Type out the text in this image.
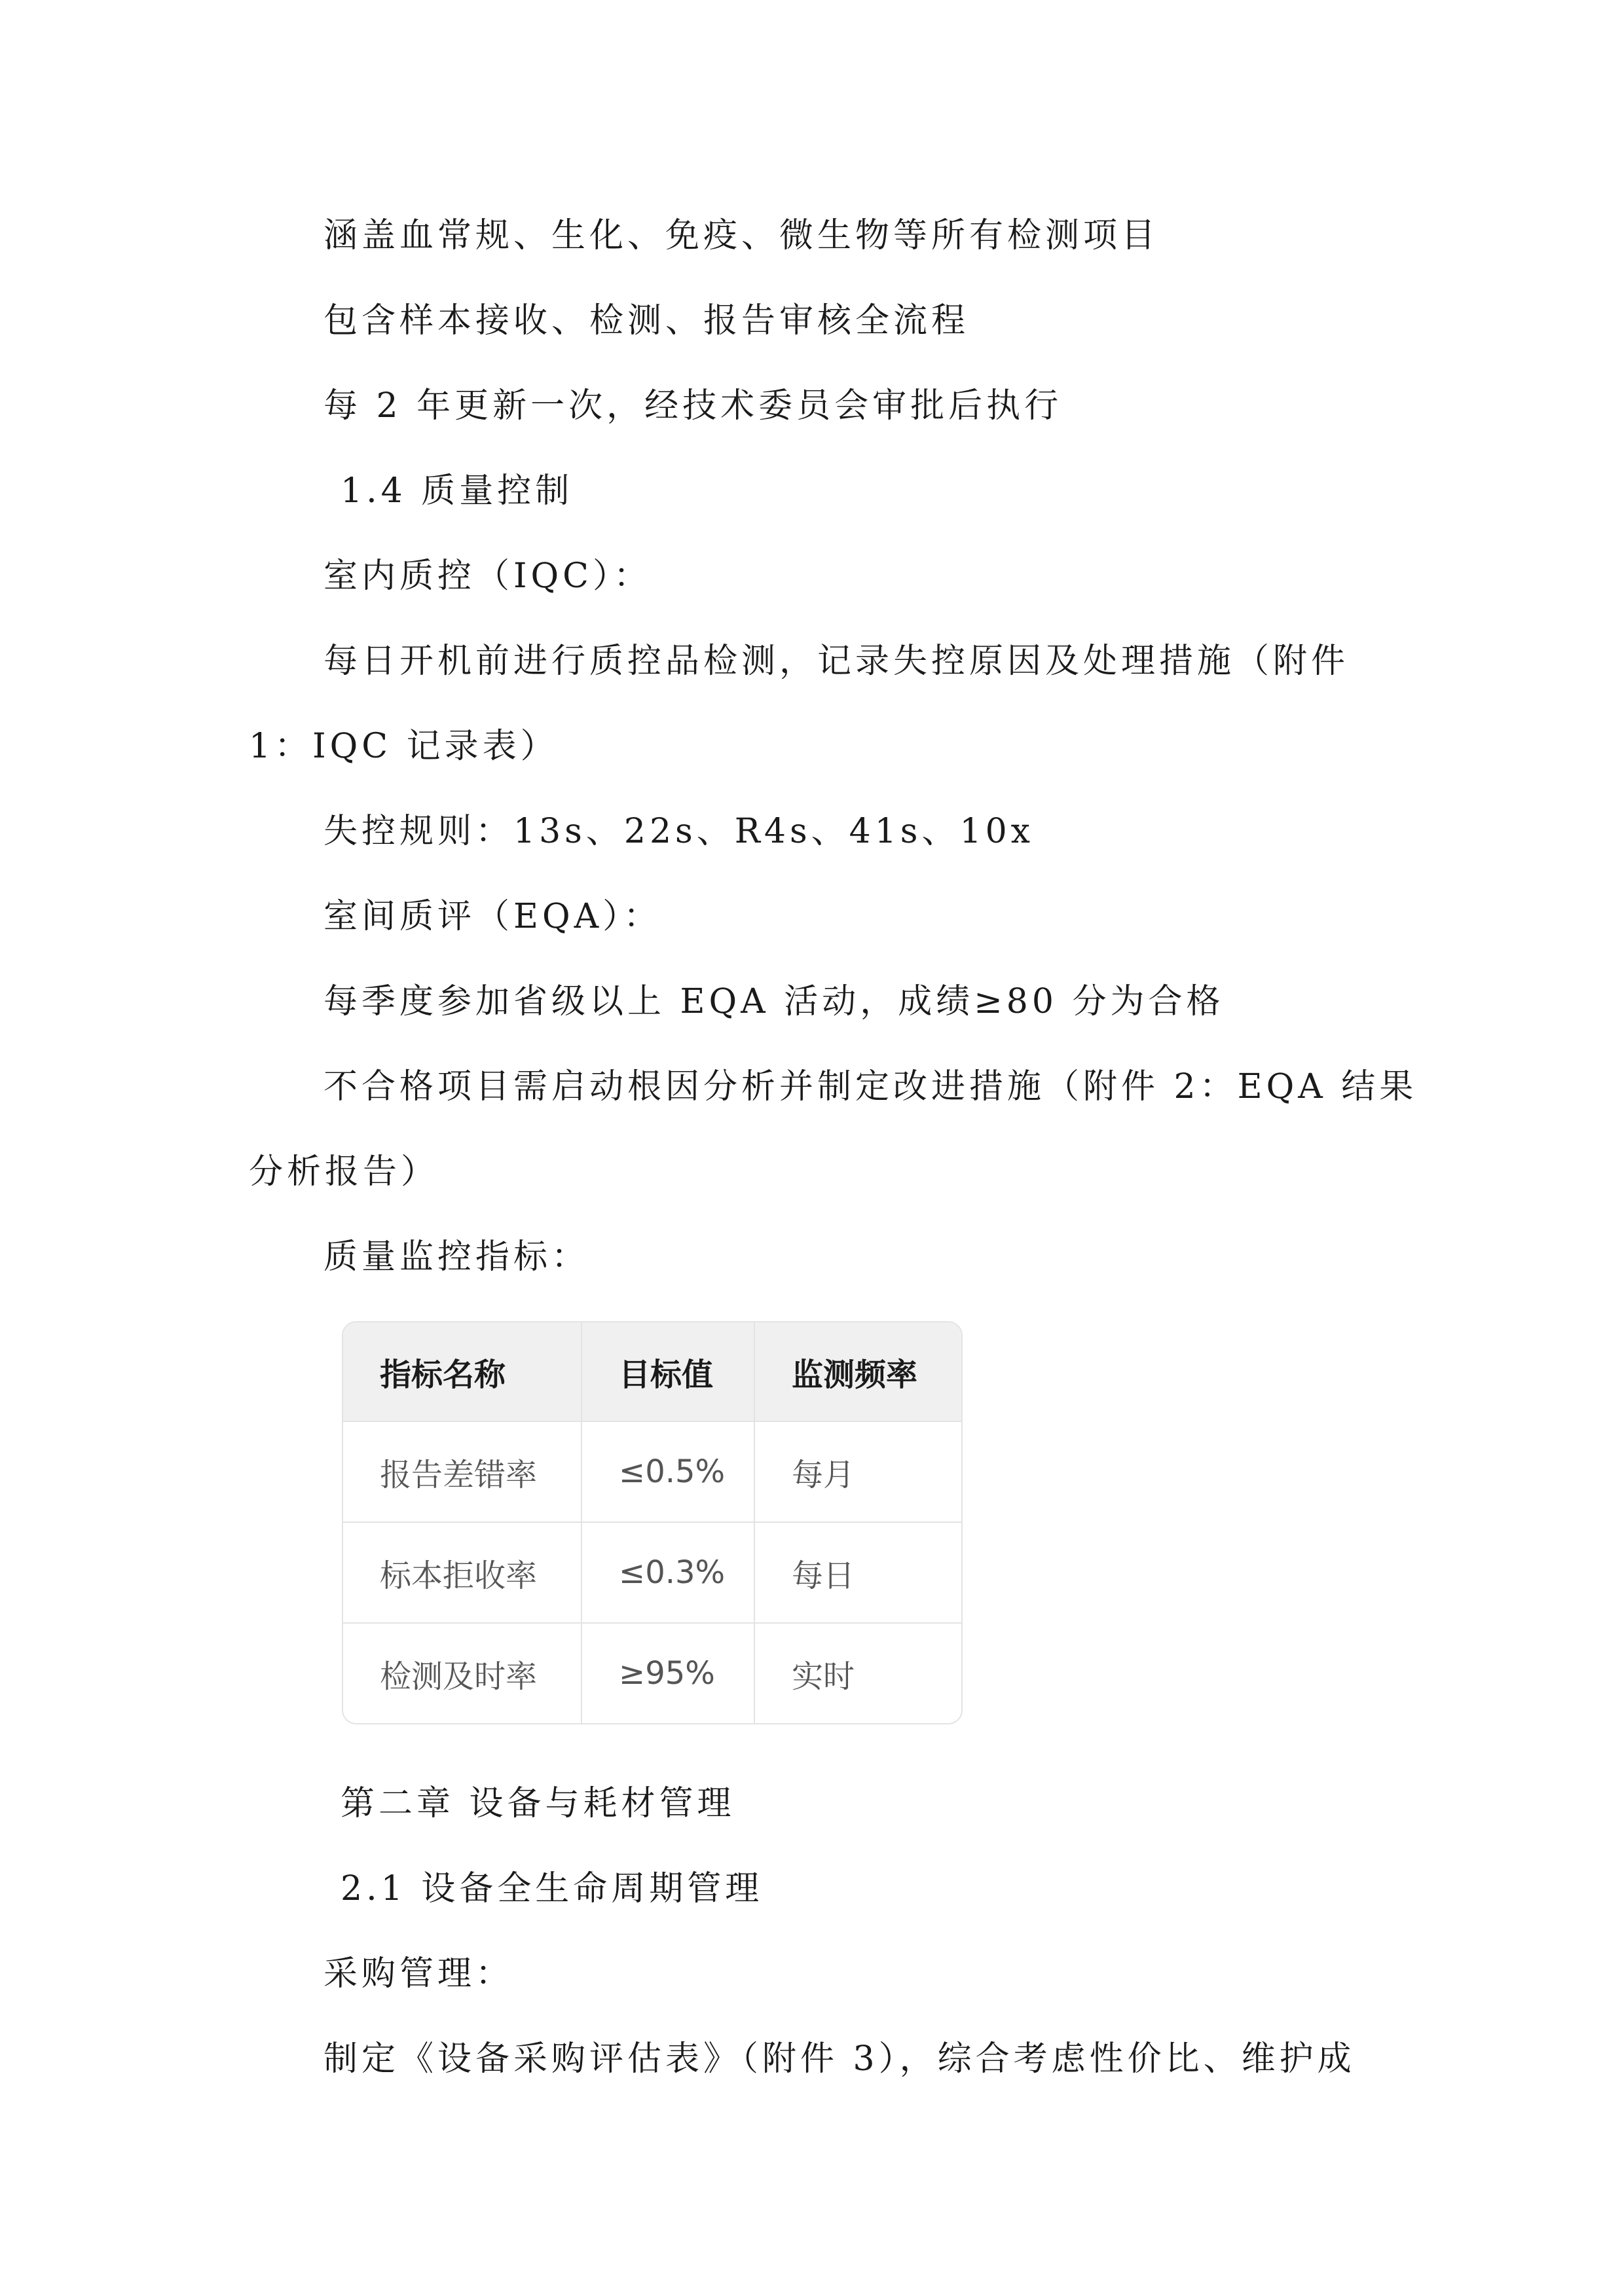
涵盖血常规、生化、免疫、微生物等所有检测项目
包含样本接收、检测、报告审核全流程
每 2 年更新一次，经技术委员会审批后执行
1.4 质量控制
室内质控（IQC）：
每日开机前进行质控品检测，记录失控原因及处理措施（附件
1：IQC 记录表）
失控规则：13s、22s、R4s、41s、10x
室间质评（EQA）：
每季度参加省级以上 EQA 活动，成绩≥80 分为合格
不合格项目需启动根因分析并制定改进措施（附件 2：EQA 结果
分析报告）
质量监控指标：
指标名称	目标值	监测频率
报告差错率	≤0.5%	每月
标本拒收率	≤0.3%	每日
检测及时率	≥95%	实时
第二章 设备与耗材管理
2.1 设备全生命周期管理
采购管理：
制定《设备采购评估表》（附件 3），综合考虑性价比、维护成
